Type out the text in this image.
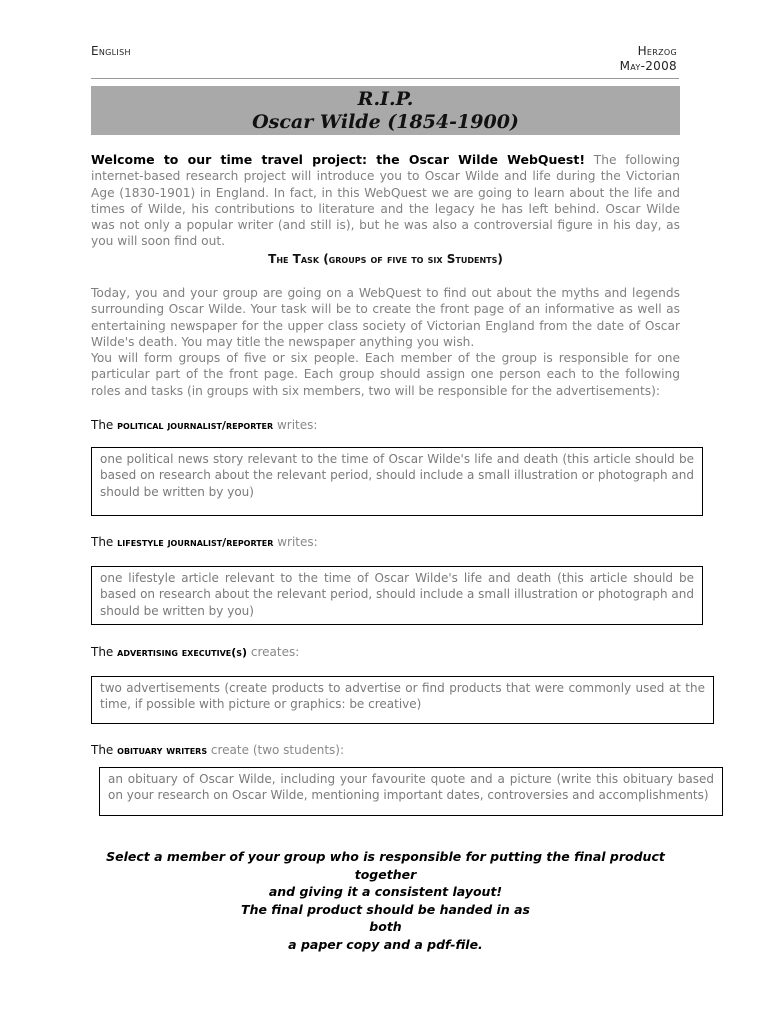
English	Herzog
May-2008
R.I.P.
Oscar Wilde (1854-1900)
Welcome to our time travel project: the Oscar Wilde WebQuest! The following internet-based research project will introduce you to Oscar Wilde and life during the Victorian Age (1830-1901) in England. In fact, in this WebQuest we are going to learn about the life and times of Wilde, his contributions to literature and the legacy he has left behind. Oscar Wilde was not only a popular writer (and still is), but he was also a controversial figure in his day, as you will soon find out.
The Task (groups of five to six Students)
Today, you and your group are going on a WebQuest to find out about the myths and legends surrounding Oscar Wilde. Your task will be to create the front page of an informative as well as entertaining newspaper for the upper class society of Victorian England from the date of Oscar Wilde's death. You may title the newspaper anything you wish.
You will form groups of five or six people. Each member of the group is responsible for one particular part of the front page. Each group should assign one person each to the following roles and tasks (in groups with six members, two will be responsible for the advertisements):
The political journalist/reporter writes:
one political news story relevant to the time of Oscar Wilde's life and death (this article should be based on research about the relevant period, should include a small illustration or photograph and should be written by you)
The lifestyle journalist/reporter writes:
one lifestyle article relevant to the time of Oscar Wilde's life and death (this article should be based on research about the relevant period, should include a small illustration or photograph and should be written by you)
The advertising executive(s) creates:
two advertisements (create products to advertise or find products that were commonly used at the time, if possible with picture or graphics: be creative)
The obituary writers create (two students):
an obituary of Oscar Wilde, including your favourite quote and a picture (write this obituary based on your research on Oscar Wilde, mentioning important dates, controversies and accomplishments)
Select a member of your group who is responsible for putting the final product together
and giving it a consistent layout!
The final product should be handed in as
both
a paper copy and a pdf-file.
